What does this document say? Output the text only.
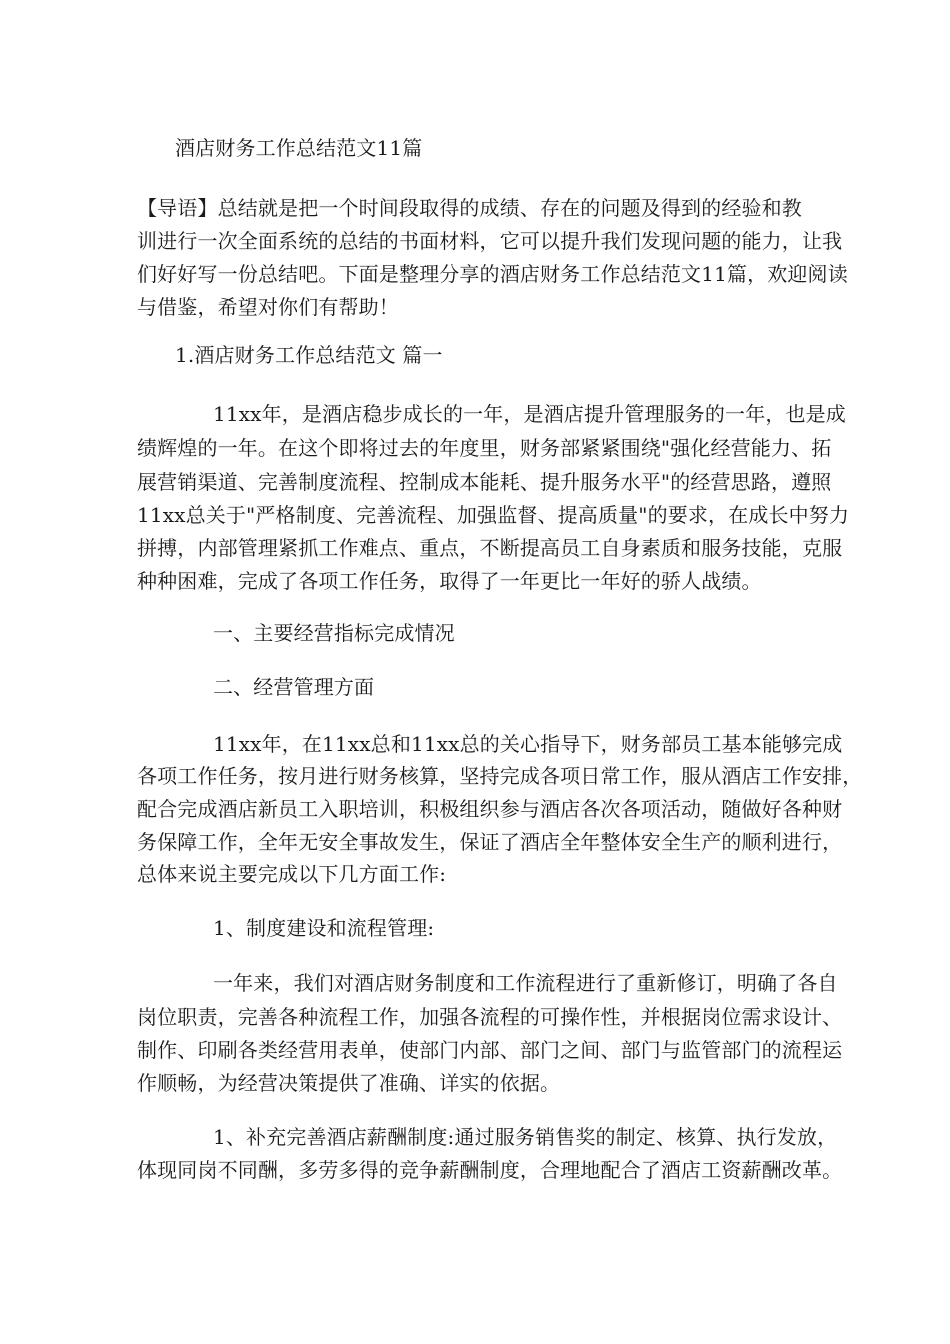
酒店财务工作总结范文11篇
【导语】总结就是把一个时间段取得的成绩、存在的问题及得到的经验和教
训进行一次全面系统的总结的书面材料，它可以提升我们发现问题的能力，让我
们好好写一份总结吧。下面是整理分享的酒店财务工作总结范文11篇，欢迎阅读
与借鉴，希望对你们有帮助！
1.酒店财务工作总结范文 篇一
11xx年，是酒店稳步成长的一年，是酒店提升管理服务的一年，也是成
绩辉煌的一年。在这个即将过去的年度里，财务部紧紧围绕"强化经营能力、拓
展营销渠道、完善制度流程、控制成本能耗、提升服务水平"的经营思路，遵照
11xx总关于"严格制度、完善流程、加强监督、提高质量"的要求，在成长中努力
拼搏，内部管理紧抓工作难点、重点，不断提高员工自身素质和服务技能，克服
种种困难，完成了各项工作任务，取得了一年更比一年好的骄人战绩。
一、主要经营指标完成情况
二、经营管理方面
11xx年，在11xx总和11xx总的关心指导下，财务部员工基本能够完成
各项工作任务，按月进行财务核算，坚持完成各项日常工作，服从酒店工作安排，
配合完成酒店新员工入职培训，积极组织参与酒店各次各项活动，随做好各种财
务保障工作，全年无安全事故发生，保证了酒店全年整体安全生产的顺利进行，
总体来说主要完成以下几方面工作:
1、制度建设和流程管理:
一年来，我们对酒店财务制度和工作流程进行了重新修订，明确了各自
岗位职责，完善各种流程工作，加强各流程的可操作性，并根据岗位需求设计、
制作、印刷各类经营用表单，使部门内部、部门之间、部门与监管部门的流程运
作顺畅，为经营决策提供了准确、详实的依据。
1、补充完善酒店薪酬制度:通过服务销售奖的制定、核算、执行发放，
体现同岗不同酬，多劳多得的竞争薪酬制度，合理地配合了酒店工资薪酬改革。
